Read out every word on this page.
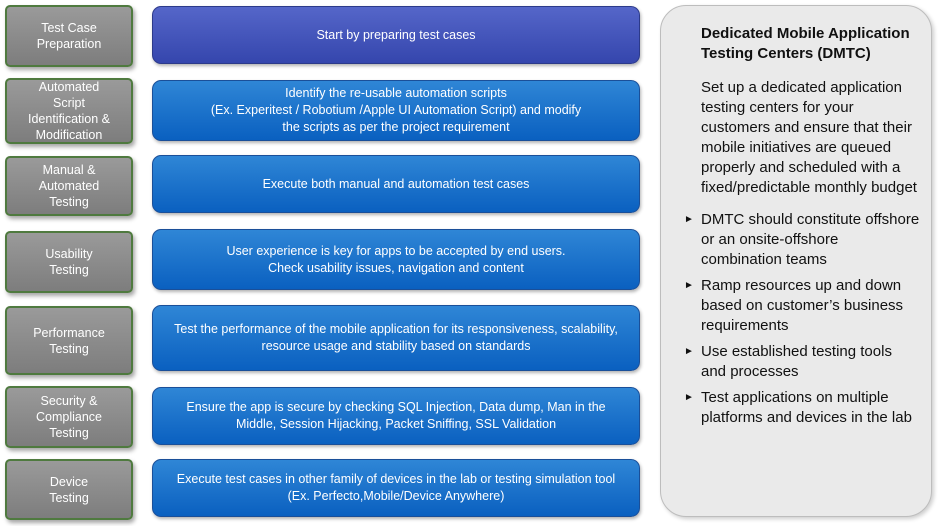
Test Case
Preparation
Automated
Script
Identification &
Modification
Manual &
Automated
Testing
Usability
Testing
Performance
Testing
Security &
Compliance
Testing
Device
Testing
Start by preparing test cases
Identify the re-usable automation scripts
(Ex. Experitest / Robotium /Apple UI Automation Script) and modify
the scripts as per the project requirement
Execute both manual and automation test cases
User experience is key for apps to be accepted by end users.
Check usability issues, navigation and content
Test the performance of the mobile application for its responsiveness, scalability,
resource usage and stability based on standards
Ensure the app is secure by checking SQL Injection, Data dump, Man in the
Middle, Session Hijacking, Packet Sniffing, SSL Validation
Execute test cases in other family of devices in the lab or testing simulation tool
(Ex. Perfecto,Mobile/Device Anywhere)
Dedicated Mobile Application
Testing Centers (DMTC)
Set up a dedicated application testing centers for your customers and ensure that their mobile initiatives are queued properly and scheduled with a fixed/predictable monthly budget
► DMTC should constitute offshore or an onsite-offshore combination teams
► Ramp resources up and down based on customer’s business requirements
► Use established testing tools and processes
► Test applications on multiple platforms and devices in the lab
